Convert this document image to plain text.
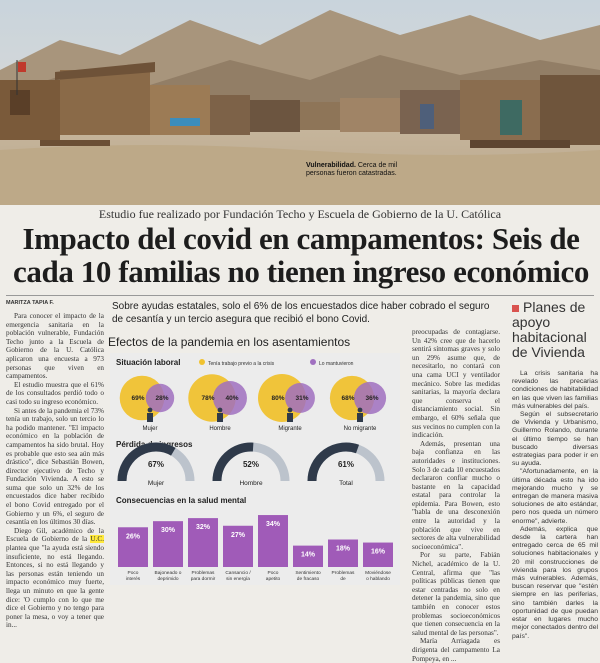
Vulnerabilidad. Cerca de mil personas fueron catastradas.
Estudio fue realizado por Fundación Techo y Escuela de Gobierno de la U. Católica
Impacto del covid en campamentos: Seis de
cada 10 familias no tienen ingreso económico
MARITZA TAPIA F.	Sobre ayudas estatales, solo el 6% de los encuestados dice haber cobrado el seguro de cesantía y un tercio asegura que recibió el bono Covid.

Para conocer el impacto de la emergencia sanitaria en la población vulnerable, Fundación Techo junto a la Escuela de Gobierno de la U. Católica aplicaron una encuesta a 973 personas que viven en campamentos.

El estudio muestra que el 61% de los consultados perdió todo o casi todo su ingreso económico.

Si antes de la pandemia el 73% tenía un trabajo, solo un tercio lo ha podido mantener. "El impacto económico en la población de campamentos ha sido brutal. Hoy es probable que esto sea aún más drástico", dice Sebastián Bowen, director ejecutivo de Techo y Fundación Vivienda. A esto se suma que solo un 32% de los encuestados dice haber recibido el bono Covid entregado por el Gobierno y un 6%, el seguro de cesantía en los últimos 30 días.

Diego Gil, académico de la Escuela de Gobierno de la U.C. plantea que "la ayuda está siendo insuficiente, no está llegando. Entonces, si no está llegando y las personas están teniendo un impacto económico muy fuerte, llega un minuto en que la gente dice: 'O cumplo con lo que me dice el Gobierno y no tengo para poner la mesa, o voy a tener que in...

Efectos de la pandemia en los asentamientos
Situación laboral	Tenía trabajo previo a la crisis	Lo mantuvieron
69% 28%
Mujer
78% 40%
Hombre
80% 31%
Migrante
68% 36%
No migrante
Pérdida de ingresos
67%
Mujer
52%
Hombre
61%
Total
Consecuencias en la salud mental
26%
Poco
interés
30%
Bajoneado o
deprimido
32%
Problemas
para dormir
27%
Cansancio /
sin energía
34%
Poco
apetito
14%
Sentimiento
de fracaso
18%
Problemas
de
16%
Moviéndose
o hablando

preocupadas de contagiarse. Un 42% cree que de hacerlo sentirá síntomas graves y solo un 29% asume que, de necesitarlo, no contará con una cama UCI y ventilador mecánico. Sobre las medidas sanitarias, la mayoría declara que conserva el distanciamiento social. Sin embargo, el 60% señala que sus vecinos no cumplen con la indicación.

Además, presentan una baja confianza en las autoridades e instituciones. Solo 3 de cada 10 encuestados declararon confiar mucho o bastante en la capacidad estatal para controlar la epidemia. Para Bowen, esto "habla de una desconexión entre la autoridad y la población que vive en sectores de alta vulnerabilidad socioeconómica".

Por su parte, Fabián Nichel, académico de la U. Central, afirma que "las políticas públicas tienen que estar centradas no solo en detener la pandemia, sino que también en conocer estos problemas socioeconómicos que tienen consecuencia en la salud mental de las personas".

María Arriagada es dirigenta del campamento La Pompeya, en ...

Planes de apoyo habitacional de Vivienda

La crisis sanitaria ha revelado las precarias condiciones de habitabilidad en las que viven las familias más vulnerables del país.

Según el subsecretario de Vivienda y Urbanismo, Guillermo Rolando, durante el último tiempo se han buscado diversas estrategias para poder ir en su ayuda.

"Afortunadamente, en la última década esto ha ido mejorando mucho y se entregan de manera masiva soluciones de alto estándar, pero nos queda un número enorme", advierte.

Además, explica que desde la cartera han entregado cerca de 65 mil soluciones habitacionales y 20 mil construcciones de vivienda para los grupos más vulnerables. Además, buscan reservar que "estén siempre en las periferias, sino también darles la oportunidad de que puedan estar en lugares mucho mejor conectados dentro del país".
